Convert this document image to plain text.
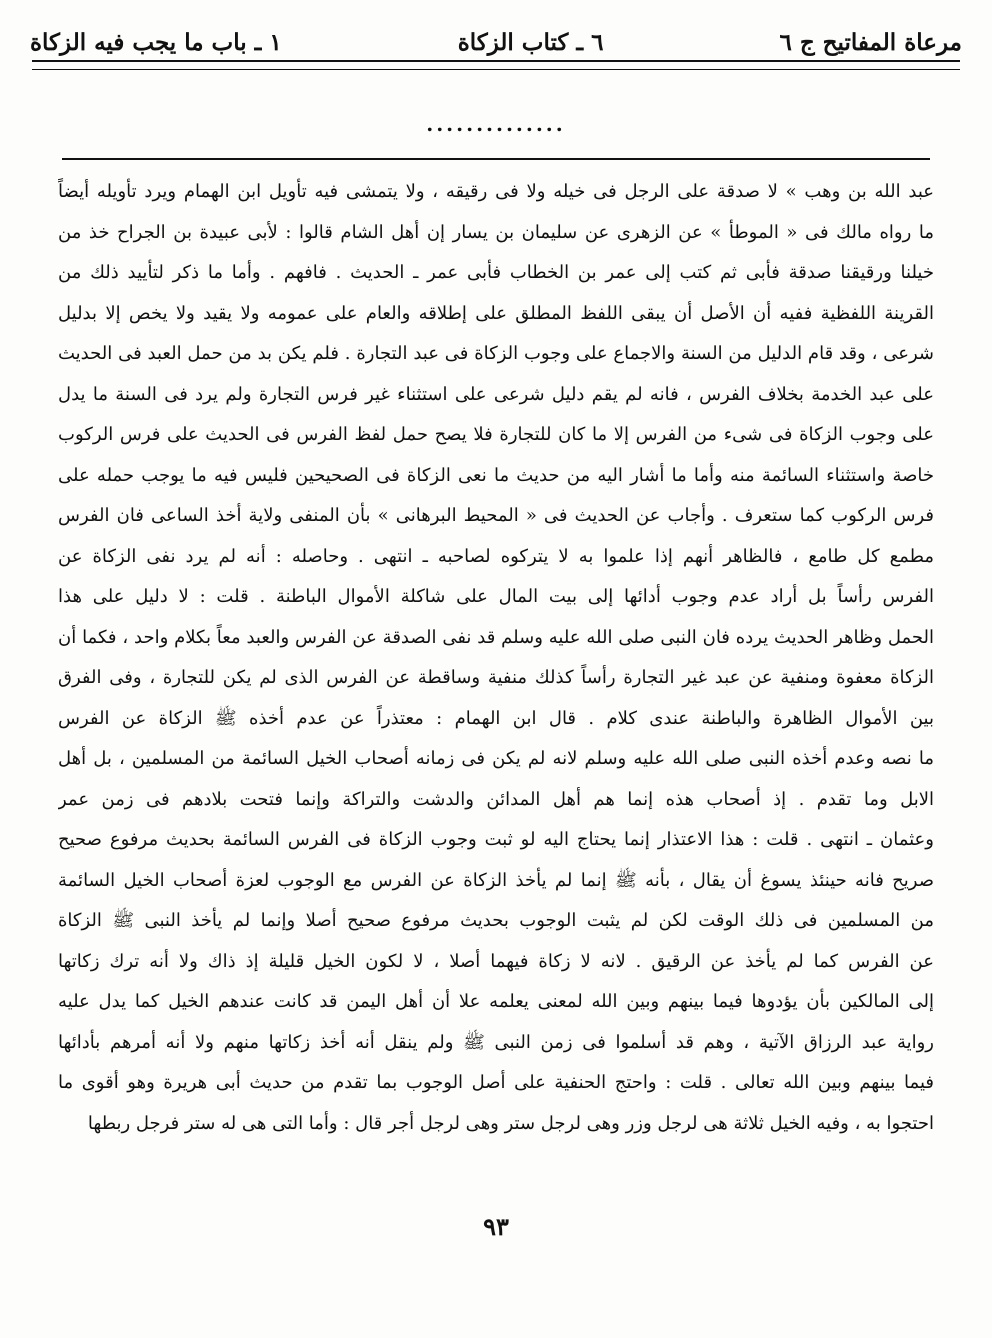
مرعاة المفاتيح ج ٦
٦ ـ كتاب الزكاة
١ ـ باب ما يجب فيه الزكاة
..............
عبد الله بن وهب » لا صدقة على الرجل فى خيله ولا فى رقيقه ، ولا يتمشى فيه تأويل ابن الهمام ويرد تأويله أيضاً
ما رواه مالك فى « الموطأ » عن الزهرى عن سليمان بن يسار إن أهل الشام قالوا : لأبى عبيدة بن الجراح خذ من
خيلنا ورقيقنا صدقة فأبى ثم كتب إلى عمر بن الخطاب فأبى عمر ـ الحديث . فافهم . وأما ما ذكر لتأييد ذلك من
القرينة اللفظية ففيه أن الأصل أن يبقى اللفظ المطلق على إطلاقه والعام على عمومه ولا يقيد ولا يخص إلا بدليل
شرعى ، وقد قام الدليل من السنة والاجماع على وجوب الزكاة فى عبد التجارة . فلم يكن بد من حمل العبد فى الحديث
على عبد الخدمة بخلاف الفرس ، فانه لم يقم دليل شرعى على استثناء غير فرس التجارة ولم يرد فى السنة ما يدل
على وجوب الزكاة فى شىء من الفرس إلا ما كان للتجارة فلا يصح حمل لفظ الفرس فى الحديث على فرس الركوب
خاصة واستثناء السائمة منه وأما ما أشار اليه من حديث ما نعى الزكاة فى الصحيحين فليس فيه ما يوجب حمله على
فرس الركوب كما ستعرف . وأجاب عن الحديث فى « المحيط البرهانى » بأن المنفى ولاية أخذ الساعى فان الفرس
مطمع كل طامع ، فالظاهر أنهم إذا علموا به لا يتركوه لصاحبه ـ انتهى . وحاصله : أنه لم يرد نفى الزكاة عن
الفرس رأساً بل أراد عدم وجوب أدائها إلى بيت المال على شاكلة الأموال الباطنة . قلت : لا دليل على هذا
الحمل وظاهر الحديث يرده فان النبى صلى الله عليه وسلم قد نفى الصدقة عن الفرس والعبد معاً بكلام واحد ، فكما أن
الزكاة معفوة ومنفية عن عبد غير التجارة رأساً كذلك منفية وساقطة عن الفرس الذى لم يكن للتجارة ، وفى الفرق
بين الأموال الظاهرة والباطنة عندى كلام . قال ابن الهمام : معتذراً عن عدم أخذه ﷺ الزكاة عن الفرس
ما نصه وعدم أخذه النبى صلى الله عليه وسلم لانه لم يكن فى زمانه أصحاب الخيل السائمة من المسلمين ، بل أهل
الابل وما تقدم . إذ أصحاب هذه إنما هم أهل المدائن والدشت والتراكة وإنما فتحت بلادهم فى زمن عمر
وعثمان ـ انتهى . قلت : هذا الاعتذار إنما يحتاج اليه لو ثبت وجوب الزكاة فى الفرس السائمة بحديث مرفوع صحيح
صريح فانه حينئذ يسوغ أن يقال ، بأنه ﷺ إنما لم يأخذ الزكاة عن الفرس مع الوجوب لعزة أصحاب الخيل السائمة
من المسلمين فى ذلك الوقت لكن لم يثبت الوجوب بحديث مرفوع صحيح أصلا وإنما لم يأخذ النبى ﷺ الزكاة
عن الفرس كما لم يأخذ عن الرقيق . لانه لا زكاة فيهما أصلا ، لا لكون الخيل قليلة إذ ذاك ولا أنه ترك زكاتها
إلى المالكين بأن يؤدوها فيما بينهم وبين الله لمعنى يعلمه علا أن أهل اليمن قد كانت عندهم الخيل كما يدل عليه
رواية عبد الرزاق الآتية ، وهم قد أسلموا فى زمن النبى ﷺ ولم ينقل أنه أخذ زكاتها منهم ولا أنه أمرهم بأدائها
فيما بينهم وبين الله تعالى . قلت : واحتج الحنفية على أصل الوجوب بما تقدم من حديث أبى هريرة وهو أقوى ما
احتجوا به ، وفيه الخيل ثلاثة هى لرجل وزر وهى لرجل ستر وهى لرجل أجر قال : وأما التى هى له ستر فرجل ربطها
٩٣
